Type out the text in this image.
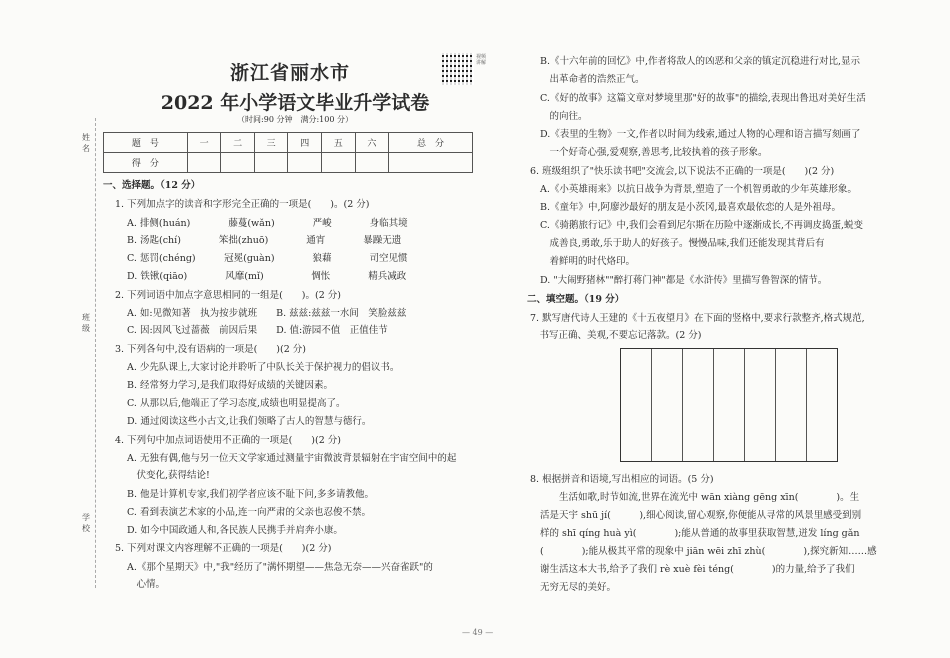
姓名
班级
学校
浙江省丽水市
视频讲解
2022 年小学语文毕业升学试卷
（时间:90 分钟　满分:100 分）
题　号	一	二	三	四	五	六	总　分
得　分							
一、选择题。（12 分）
1. 下列加点字的读音和字形完全正确的一项是(　　)。(2 分)
A. 排侧(huán)　　　　藤蔓(wǎn)　　　　严峻　　　　身临其境
B. 汤匙(chí)　　　　笨拙(zhuō)　　　　通宵　　　　暴躁无遗
C. 惩罚(chéng)　　　冠冕(guàn)　　　　狼藉　　　　司空见惯
D. 铁锹(qiāo)　　　　风靡(mǐ)　　　　　惆怅　　　　精兵减政
2. 下列词语中加点字意思相同的一组是(　　)。(2 分)
A. 如:见微知著　执为按步就班　　B. 兹兹:兹兹一水间　笑脸兹兹
C. 因:因风飞过蔷薇　前因后果　　D. 值:游园不值　正值佳节
3. 下列各句中,没有语病的一项是(　　)(2 分)
A. 少先队课上,大家讨论并聆听了中队长关于保护视力的倡议书。
B. 经常努力学习,是我们取得好成绩的关键因素。
C. 从那以后,他端正了学习态度,成绩也明显提高了。
D. 通过阅读这些小古文,让我们领略了古人的智慧与德行。
4. 下列句中加点词语使用不正确的一项是(　　)(2 分)
A. 无独有偶,他与另一位天文学家通过测量宇宙微波背景辐射在宇宙空间中的起
　伏变化,获得结论!
B. 他是计算机专家,我们初学者应该不耻下问,多多请教他。
C. 看到表演艺术家的小品,连一向严肃的父亲也忍俊不禁。
D. 如今中国政通人和,各民族人民携手并肩奔小康。
5. 下列对课文内容理解不正确的一项是(　　)(2 分)
A.《那个星期天》中,"我"经历了"满怀期望——焦急无奈——兴奋雀跃"的
　心情。
B.《十六年前的回忆》中,作者将敌人的凶恶和父亲的镇定沉稳进行对比,显示
　出革命者的浩然正气。
C.《好的故事》这篇文章对梦境里那"好的故事"的描绘,表现出鲁迅对美好生活
　的向往。
D.《表里的生物》一文,作者以时间为线索,通过人物的心理和语言描写刻画了
　一个好奇心强,爱观察,善思考,比较执着的孩子形象。
6. 班级组织了"快乐读书吧"交流会,以下说法不正确的一项是(　　)(2 分)
A.《小英雄雨来》以抗日战争为背景,塑造了一个机智勇敢的少年英雄形象。
B.《童年》中,阿廖沙最好的朋友是小茨冈,最喜欢最依恋的人是外祖母。
C.《骑鹅旅行记》中,我们会看到尼尔斯在历险中逐渐成长,不再调皮捣蛋,蜕变
　成善良,勇敢,乐于助人的好孩子。慢慢品味,我们还能发现其背后有
　着鲜明的时代烙印。
D. "大闹野猪林""醉打蒋门神"都是《水浒传》里描写鲁智深的情节。
二、填空题。（19 分）
7. 默写唐代诗人王建的《十五夜望月》在下面的竖格中,要求行款整齐,格式规范,
　书写正确、美观,不要忘记落款。(2 分)
8. 根据拼音和语境,写出相应的词语。(5 分)
　　生活如歌,时节如流,世界在流光中 wān xiàng gēng xīn(　　　　)。生
活是天宇 shū jí(　　　),细心阅读,留心观察,你便能从寻常的风景里感受到别
样的 shī qíng huà yì(　　　　);能从普通的故事里获取智慧,迸发 líng gǎn
(　　　　);能从极其平常的现象中 jiān wēi zhī zhù(　　　　),探究新知……感
谢生活这本大书,给予了我们 rè xuè fèi téng(　　　　)的力量,给予了我们
无穷无尽的美好。
— 49 —
